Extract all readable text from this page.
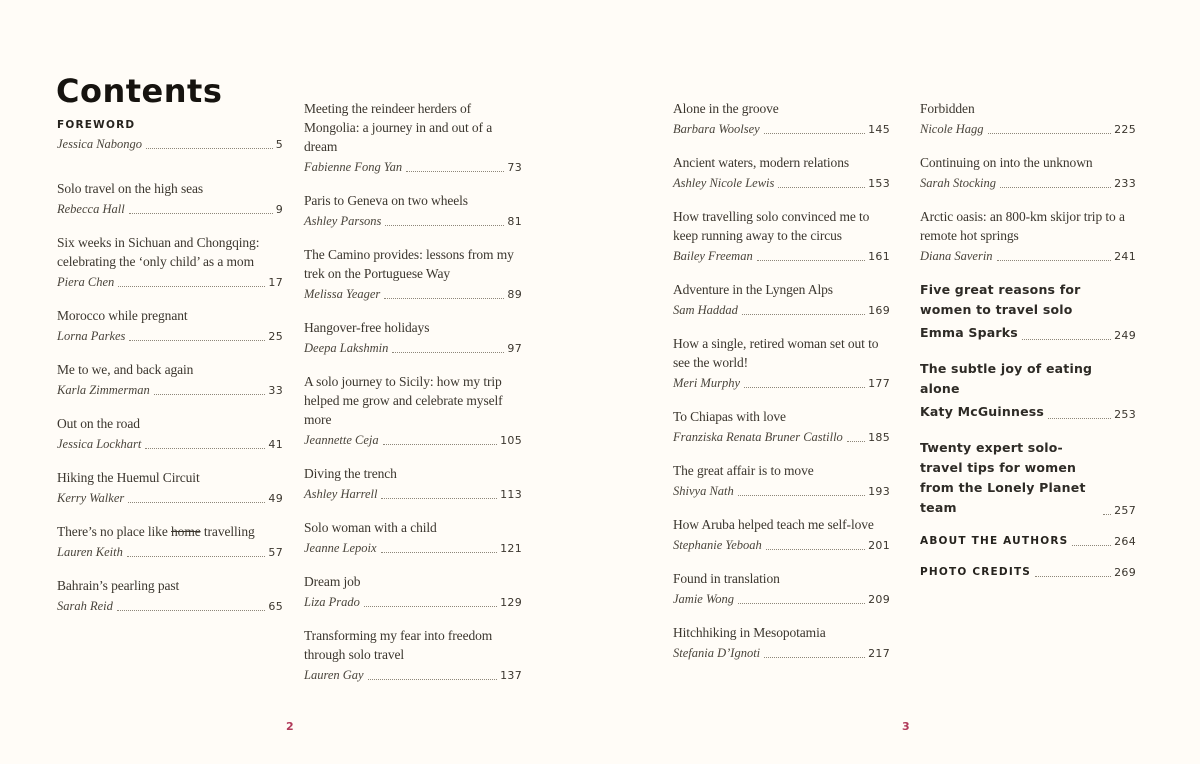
Contents
FOREWORD
Jessica Nabongo	5
Solo travel on the high seas
Rebecca Hall	9
Six weeks in Sichuan and Chongqing: celebrating the ‘only child’ as a mom
Piera Chen	17
Morocco while pregnant
Lorna Parkes	25
Me to we, and back again
Karla Zimmerman	33
Out on the road
Jessica Lockhart	41
Hiking the Huemul Circuit
Kerry Walker	49
There’s no place like home travelling
Lauren Keith	57
Bahrain’s pearling past
Sarah Reid	65
Meeting the reindeer herders of Mongolia: a journey in and out of a dream
Fabienne Fong Yan	73
Paris to Geneva on two wheels
Ashley Parsons	81
The Camino provides: lessons from my trek on the Portuguese Way
Melissa Yeager	89
Hangover-free holidays
Deepa Lakshmin	97
A solo journey to Sicily: how my trip helped me grow and celebrate myself more
Jeannette Ceja	105
Diving the trench
Ashley Harrell	113
Solo woman with a child
Jeanne Lepoix	121
Dream job
Liza Prado	129
Transforming my fear into freedom through solo travel
Lauren Gay	137
Alone in the groove
Barbara Woolsey	145
Ancient waters, modern relations
Ashley Nicole Lewis	153
How travelling solo convinced me to keep running away to the circus
Bailey Freeman	161
Adventure in the Lyngen Alps
Sam Haddad	169
How a single, retired woman set out to see the world!
Meri Murphy	177
To Chiapas with love
Franziska Renata Bruner Castillo 185
The great affair is to move
Shivya Nath	193
How Aruba helped teach me self-love
Stephanie Yeboah	201
Found in translation
Jamie Wong	209
Hitchhiking in Mesopotamia
Stefania D’Ignoti	217
Forbidden
Nicole Hagg	225
Continuing on into the unknown
Sarah Stocking	233
Arctic oasis: an 800-km skijor trip to a remote hot springs
Diana Saverin	241
Five great reasons for women to travel solo
Emma Sparks	249
The subtle joy of eating alone
Katy McGuinness	253
Twenty expert solo-travel tips for women from the Lonely Planet team	257
ABOUT THE AUTHORS	264
PHOTO CREDITS	269
2	3
